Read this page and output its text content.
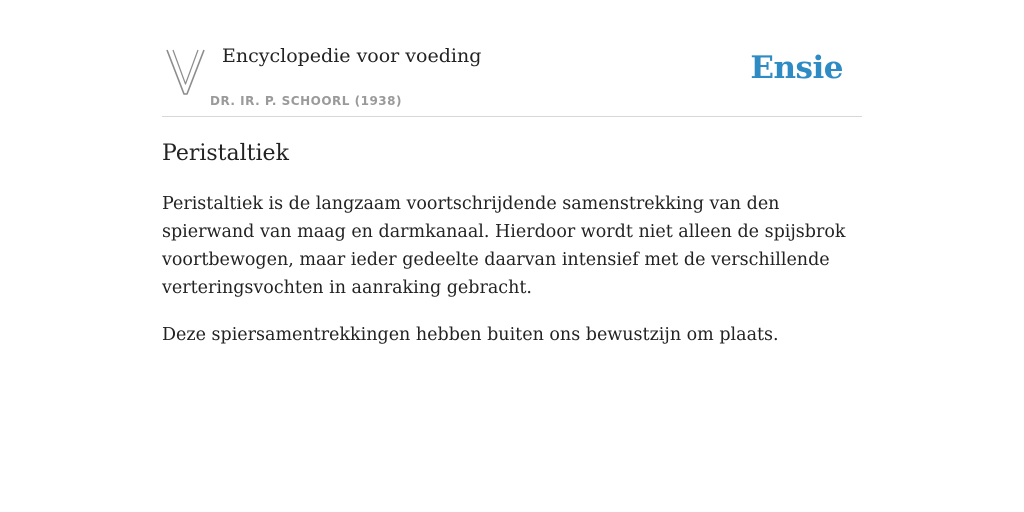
Encyclopedie voor voeding
DR. IR. P. SCHOORL (1938)
Ensie
Peristaltiek

Peristaltiek is de langzaam voortschrijdende samenstrekking van den spierwand van maag en darmkanaal. Hierdoor wordt niet alleen de spijsbrok voortbewogen, maar ieder gedeelte daarvan intensief met de verschillende verteringsvochten in aanraking gebracht.

Deze spiersamentrekkingen hebben buiten ons bewustzijn om plaats.
